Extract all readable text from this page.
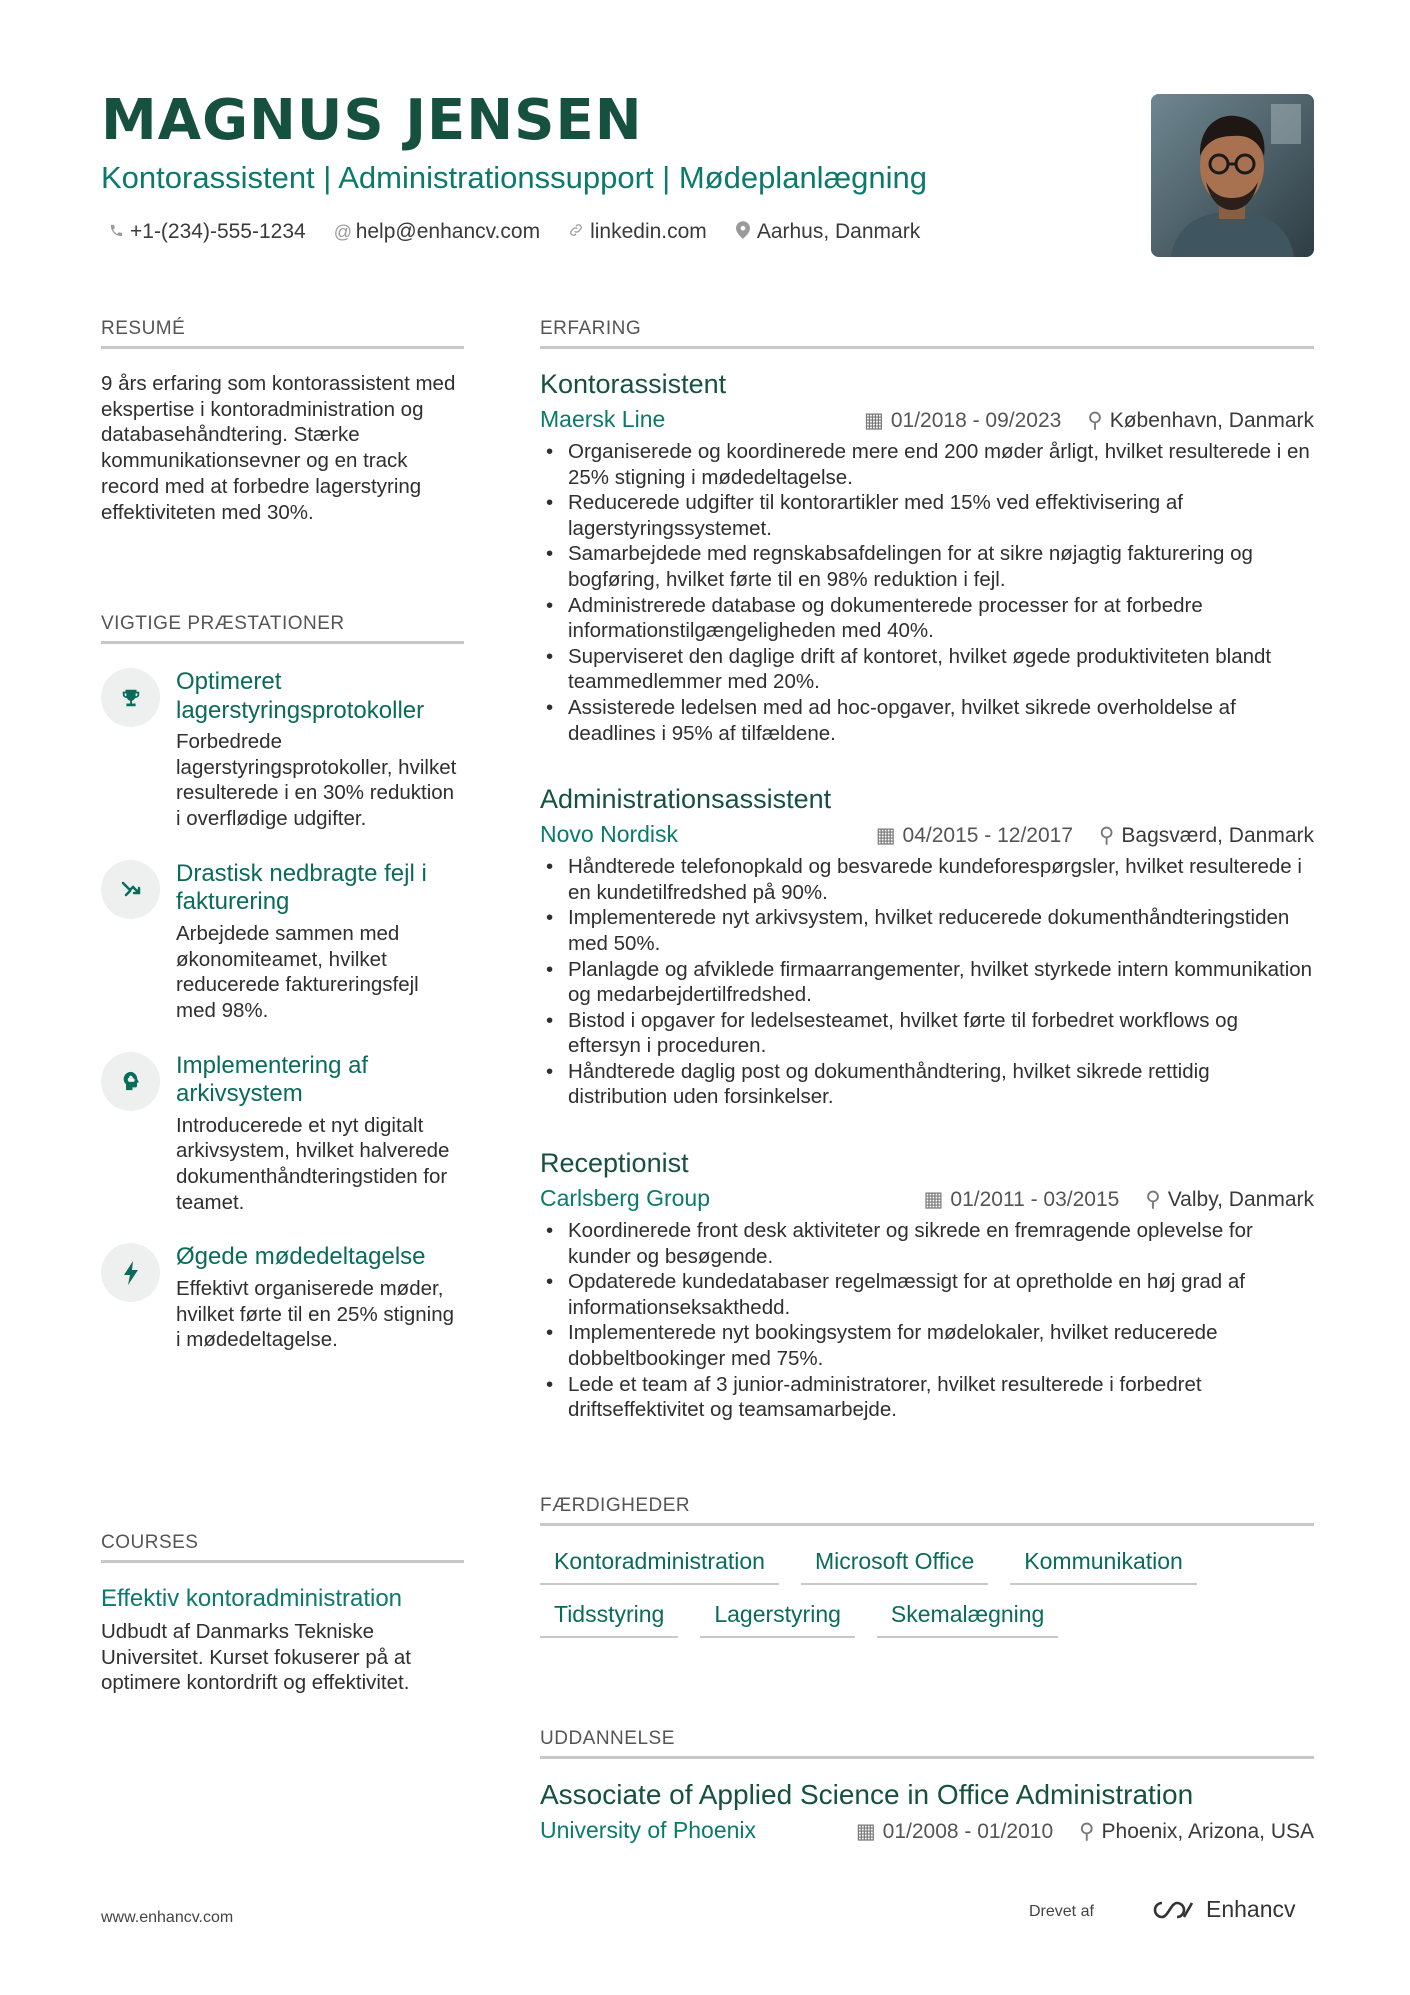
MAGNUS JENSEN
Kontorassistent | Administrationssupport | Mødeplanlægning
+1-(234)-555-1234 @ help@enhancv.com linkedin.com Aarhus, Danmark
RESUMÉ
9 års erfaring som kontorassistent med ekspertise i kontoradministration og databasehåndtering. Stærke kommunikationsevner og en track record med at forbedre lagerstyring effektiviteten med 30%.
VIGTIGE PRÆSTATIONER
Optimeret lagerstyringsprotokoller
Forbedrede lagerstyringsprotokoller, hvilket resulterede i en 30% reduktion i overflødige udgifter.
Drastisk nedbragte fejl i fakturering
Arbejdede sammen med økonomiteamet, hvilket reducerede faktureringsfejl med 98%.
Implementering af arkivsystem
Introducerede et nyt digitalt arkivsystem, hvilket halverede dokumenthåndteringstiden for teamet.
Øgede mødedeltagelse
Effektivt organiserede møder, hvilket førte til en 25% stigning i mødedeltagelse.
COURSES
Effektiv kontoradministration
Udbudt af Danmarks Tekniske Universitet. Kurset fokuserer på at optimere kontordrift og effektivitet.
ERFARING
Kontorassistent
Maersk Line	▦ 01/2018 - 09/2023 ⚲ København, Danmark
• Organiserede og koordinerede mere end 200 møder årligt, hvilket resulterede i en 25% stigning i mødedeltagelse.
• Reducerede udgifter til kontorartikler med 15% ved effektivisering af lagerstyringssystemet.
• Samarbejdede med regnskabsafdelingen for at sikre nøjagtig fakturering og bogføring, hvilket førte til en 98% reduktion i fejl.
• Administrerede database og dokumenterede processer for at forbedre informationstilgængeligheden med 40%.
• Superviseret den daglige drift af kontoret, hvilket øgede produktiviteten blandt teammedlemmer med 20%.
• Assisterede ledelsen med ad hoc-opgaver, hvilket sikrede overholdelse af deadlines i 95% af tilfældene.
Administrationsassistent
Novo Nordisk	▦ 04/2015 - 12/2017 ⚲ Bagsværd, Danmark
• Håndterede telefonopkald og besvarede kundeforespørgsler, hvilket resulterede i en kundetilfredshed på 90%.
• Implementerede nyt arkivsystem, hvilket reducerede dokumenthåndteringstiden med 50%.
• Planlagde og afviklede firmaarrangementer, hvilket styrkede intern kommunikation og medarbejdertilfredshed.
• Bistod i opgaver for ledelsesteamet, hvilket førte til forbedret workflows og eftersyn i proceduren.
• Håndterede daglig post og dokumenthåndtering, hvilket sikrede rettidig distribution uden forsinkelser.
Receptionist
Carlsberg Group	▦ 01/2011 - 03/2015 ⚲ Valby, Danmark
• Koordinerede front desk aktiviteter og sikrede en fremragende oplevelse for kunder og besøgende.
• Opdaterede kundedatabaser regelmæssigt for at opretholde en høj grad af informationseksakthedd.
• Implementerede nyt bookingsystem for mødelokaler, hvilket reducerede dobbeltbookinger med 75%.
• Lede et team af 3 junior-administratorer, hvilket resulterede i forbedret driftseffektivitet og teamsamarbejde.
FÆRDIGHEDER
Kontoradministration	Microsoft Office	Kommunikation
Tidsstyring	Lagerstyring	Skemalægning
UDDANNELSE
Associate of Applied Science in Office Administration
University of Phoenix	▦ 01/2008 - 01/2010 ⚲ Phoenix, Arizona, USA
www.enhancv.com	Drevet af	Enhancv
